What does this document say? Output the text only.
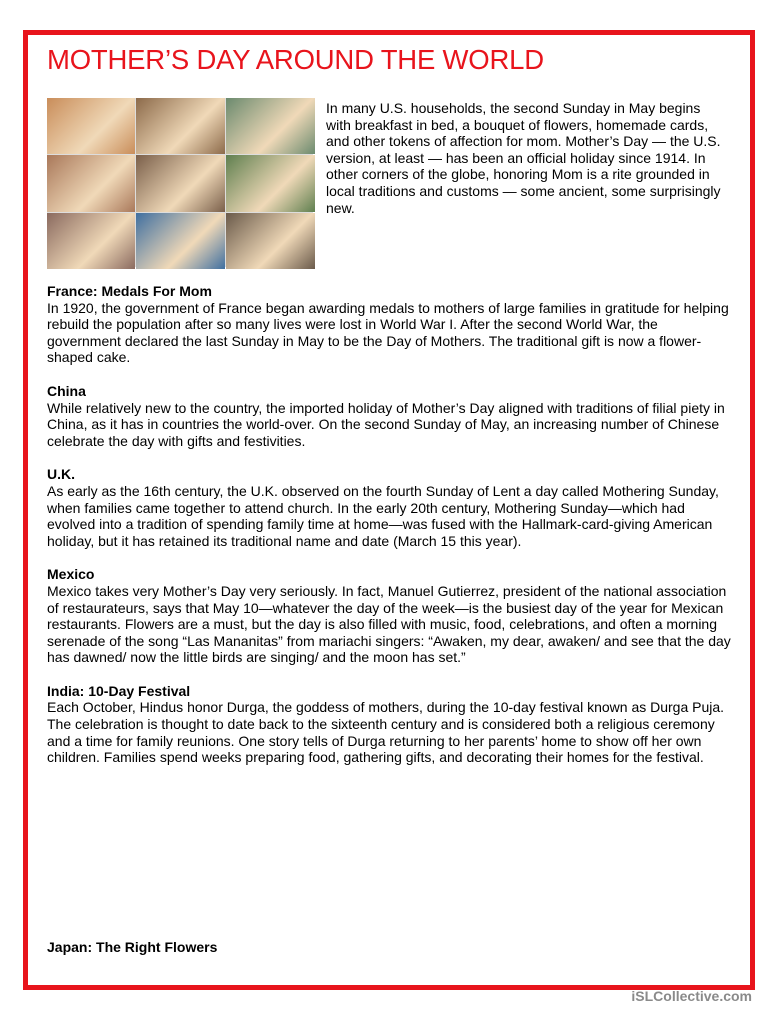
MOTHER’S DAY AROUND THE WORLD
In many U.S. households, the second Sunday in May begins with breakfast in bed, a bouquet of flowers, homemade cards, and other tokens of affection for mom. Mother’s Day — the U.S. version, at least — has been an official holiday since 1914. In other corners of the globe, honoring Mom is a rite grounded in local traditions and customs — some ancient, some surprisingly new.
France: Medals For Mom
In 1920, the government of France began awarding medals to mothers of large families in gratitude for helping rebuild the population after so many lives were lost in World War I. After the second World War, the government declared the last Sunday in May to be the Day of Mothers. The traditional gift is now a flower-shaped cake.
China
While relatively new to the country, the imported holiday of Mother’s Day aligned with traditions of filial piety in China, as it has in countries the world-over. On the second Sunday of May, an increasing number of Chinese celebrate the day with gifts and festivities.
U.K.
As early as the 16th century, the U.K. observed on the fourth Sunday of Lent a day called Mothering Sunday, when families came together to attend church. In the early 20th century, Mothering Sunday—which had evolved into a tradition of spending family time at home—was fused with the Hallmark-card-giving American holiday, but it has retained its traditional name and date (March 15 this year).
Mexico
Mexico takes very Mother’s Day very seriously. In fact, Manuel Gutierrez, president of the national association of restaurateurs, says that May 10—whatever the day of the week—is the busiest day of the year for Mexican restaurants. Flowers are a must, but the day is also filled with music, food, celebrations, and often a morning serenade of the song “Las Mananitas” from mariachi singers: “Awaken, my dear, awaken/ and see that the day has dawned/ now the little birds are singing/ and the moon has set.”
India: 10-Day Festival
Each October, Hindus honor Durga, the goddess of mothers, during the 10-day festival known as Durga Puja. The celebration is thought to date back to the sixteenth century and is considered both a religious ceremony and a time for family reunions. One story tells of Durga returning to her parents’ home to show off her own children. Families spend weeks preparing food, gathering gifts, and decorating their homes for the festival.
Japan: The Right Flowers
iSLCollective.com
